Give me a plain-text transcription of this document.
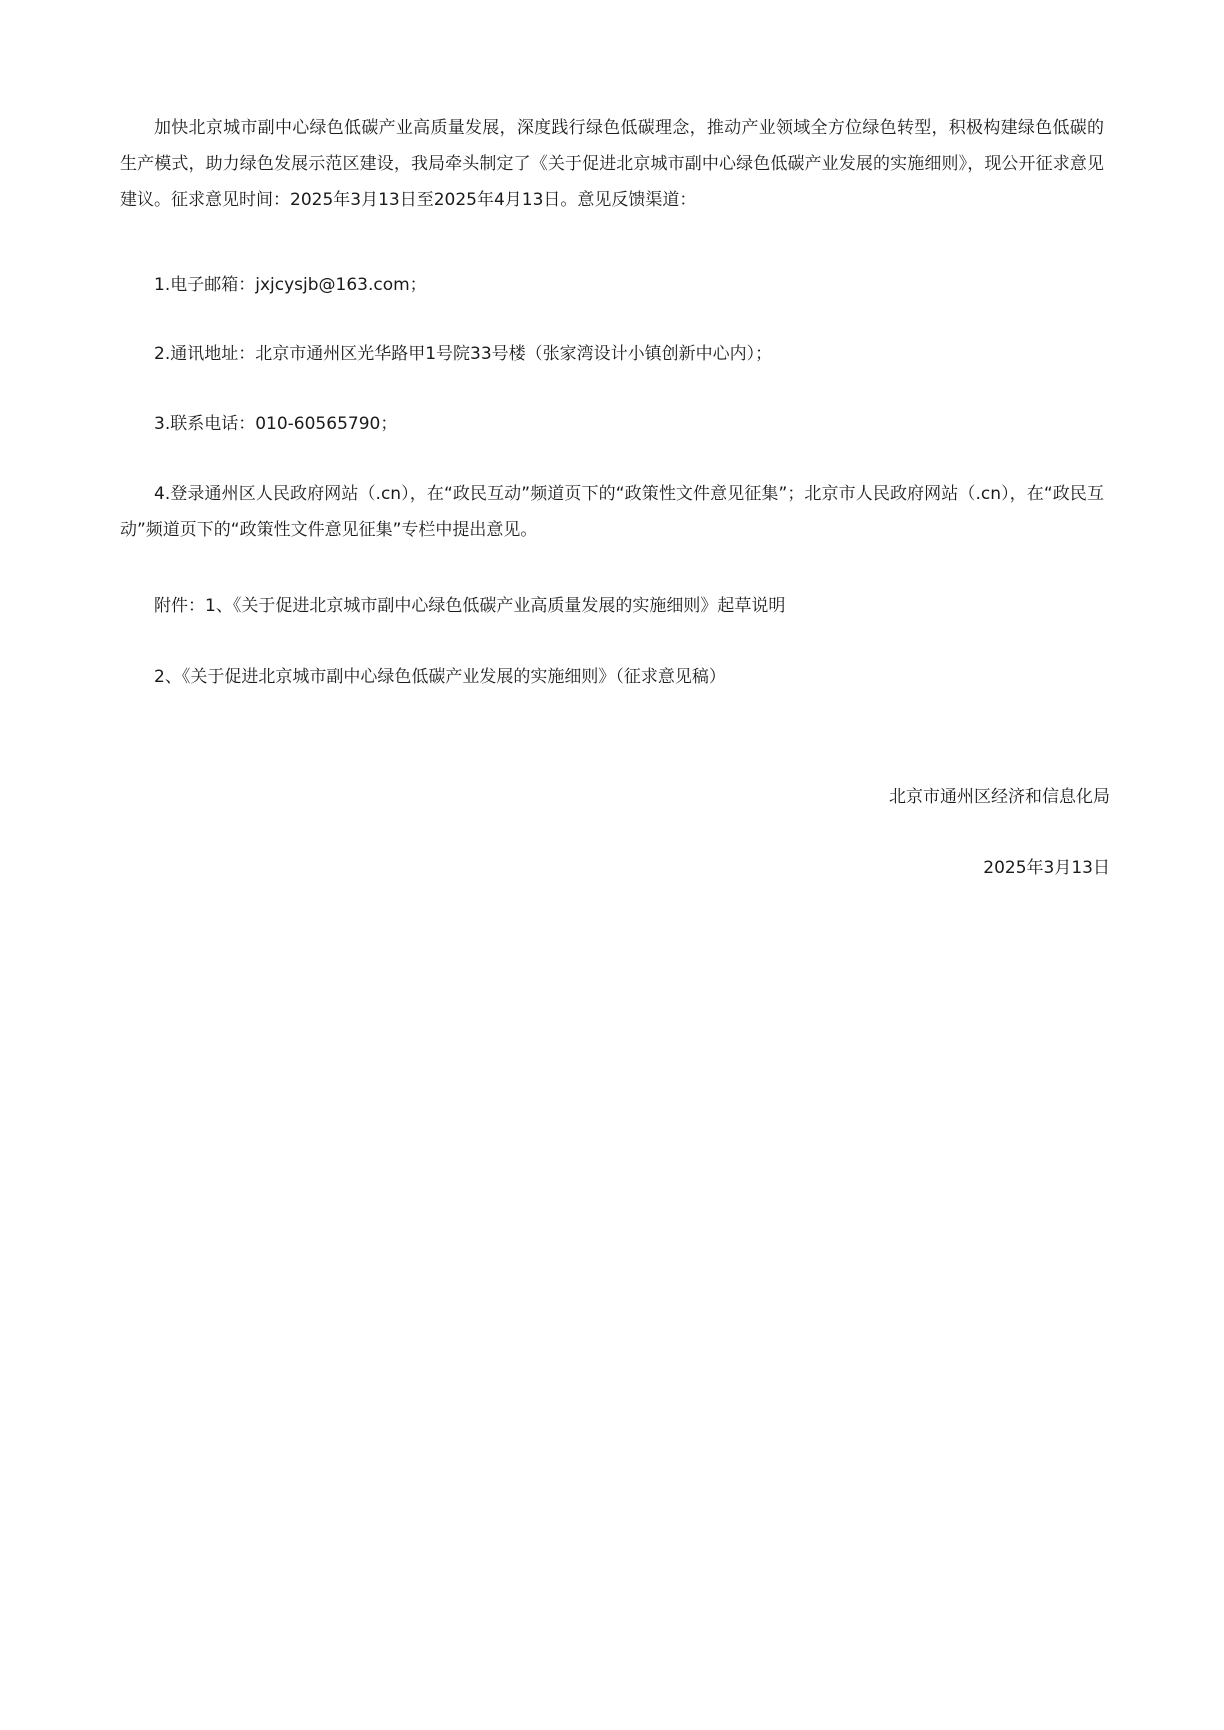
加快北京城市副中心绿色低碳产业高质量发展，深度践行绿色低碳理念，推动产业领域全方位绿色转型，积极构建绿色低碳的生产模式，助力绿色发展示范区建设，我局牵头制定了《关于促进北京城市副中心绿色低碳产业发展的实施细则》，现公开征求意见建议。征求意见时间：2025年3月13日至2025年4月13日。意见反馈渠道：

1.电子邮箱：jxjcysjb@163.com；

2.通讯地址：北京市通州区光华路甲1号院33号楼（张家湾设计小镇创新中心内）；

3.联系电话：010-60565790；

4.登录通州区人民政府网站（.cn），在“政民互动”频道页下的“政策性文件意见征集”；北京市人民政府网站（.cn），在“政民互动”频道页下的“政策性文件意见征集”专栏中提出意见。

附件：1、《关于促进北京城市副中心绿色低碳产业高质量发展的实施细则》起草说明

2、《关于促进北京城市副中心绿色低碳产业发展的实施细则》（征求意见稿）

北京市通州区经济和信息化局

2025年3月13日
